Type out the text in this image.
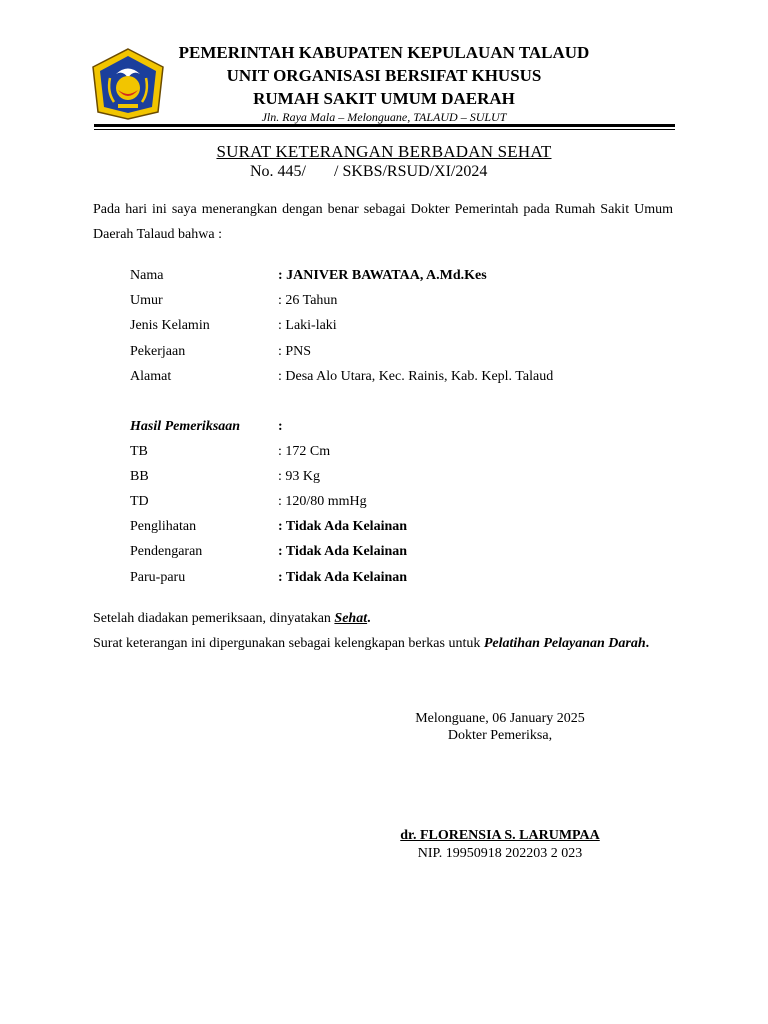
PEMERINTAH KABUPATEN KEPULAUAN TALAUD
UNIT ORGANISASI BERSIFAT KHUSUS
RUMAH SAKIT UMUM DAERAH
Jln. Raya Mala – Melonguane, TALAUD – SULUT
SURAT KETERANGAN BERBADAN SEHAT
No. 445/       / SKBS/RSUD/XI/2024
Pada hari ini saya menerangkan dengan benar sebagai Dokter Pemerintah pada Rumah Sakit Umum Daerah Talaud bahwa :
Nama	: JANIVER BAWATAA, A.Md.Kes
Umur	: 26 Tahun
Jenis Kelamin	: Laki-laki
Pekerjaan	: PNS
Alamat	: Desa Alo Utara, Kec. Rainis, Kab. Kepl. Talaud
Hasil Pemeriksaan	:
TB	: 172 Cm
BB	: 93 Kg
TD	: 120/80 mmHg
Penglihatan	: Tidak Ada Kelainan
Pendengaran	: Tidak Ada Kelainan
Paru-paru	: Tidak Ada Kelainan
Setelah diadakan pemeriksaan, dinyatakan Sehat.
Surat keterangan ini dipergunakan sebagai kelengkapan berkas untuk Pelatihan Pelayanan Darah.
Melonguane, 06 January 2025
Dokter Pemeriksa,
dr. FLORENSIA S. LARUMPAA
NIP. 19950918 202203 2 023
